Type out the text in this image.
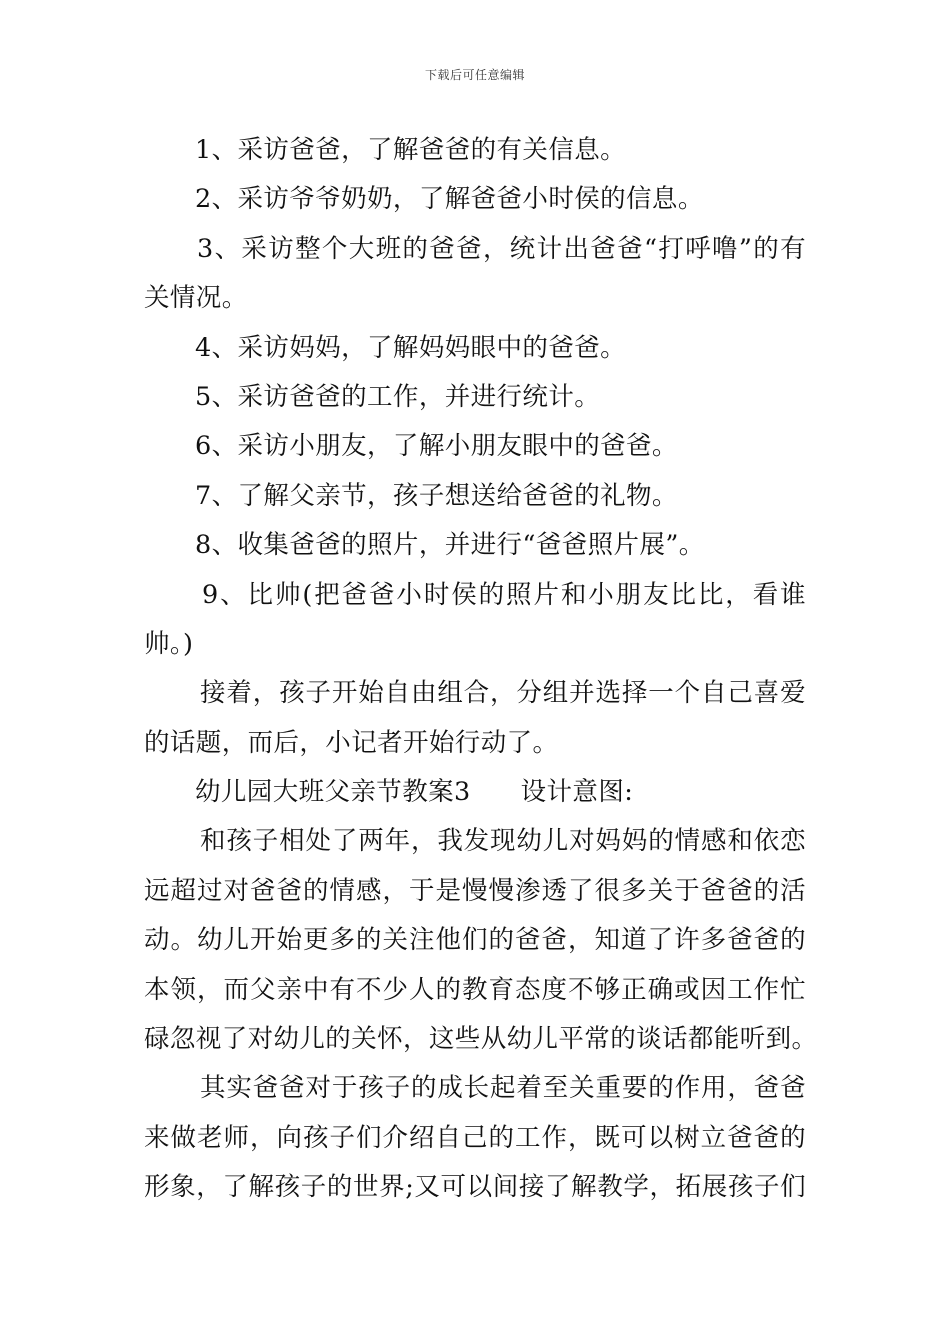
下载后可任意编辑
1、采访爸爸，了解爸爸的有关信息。
2、采访爷爷奶奶，了解爸爸小时侯的信息。
3、采访整个大班的爸爸，统计出爸爸“打呼噜”的有
关情况。
4、采访妈妈，了解妈妈眼中的爸爸。
5、采访爸爸的工作，并进行统计。
6、采访小朋友，了解小朋友眼中的爸爸。
7、了解父亲节，孩子想送给爸爸的礼物。
8、收集爸爸的照片，并进行“爸爸照片展”。
9、比帅(把爸爸小时侯的照片和小朋友比比，看谁
帅。)
接着，孩子开始自由组合，分组并选择一个自己喜爱
的话题，而后，小记者开始行动了。
幼儿园大班父亲节教案3 设计意图:
和孩子相处了两年，我发现幼儿对妈妈的情感和依恋
远超过对爸爸的情感，于是慢慢渗透了很多关于爸爸的活
动。幼儿开始更多的关注他们的爸爸，知道了许多爸爸的
本领，而父亲中有不少人的教育态度不够正确或因工作忙
碌忽视了对幼儿的关怀，这些从幼儿平常的谈话都能听到。
其实爸爸对于孩子的成长起着至关重要的作用，爸爸
来做老师，向孩子们介绍自己的工作，既可以树立爸爸的
形象，了解孩子的世界;又可以间接了解教学，拓展孩子们
